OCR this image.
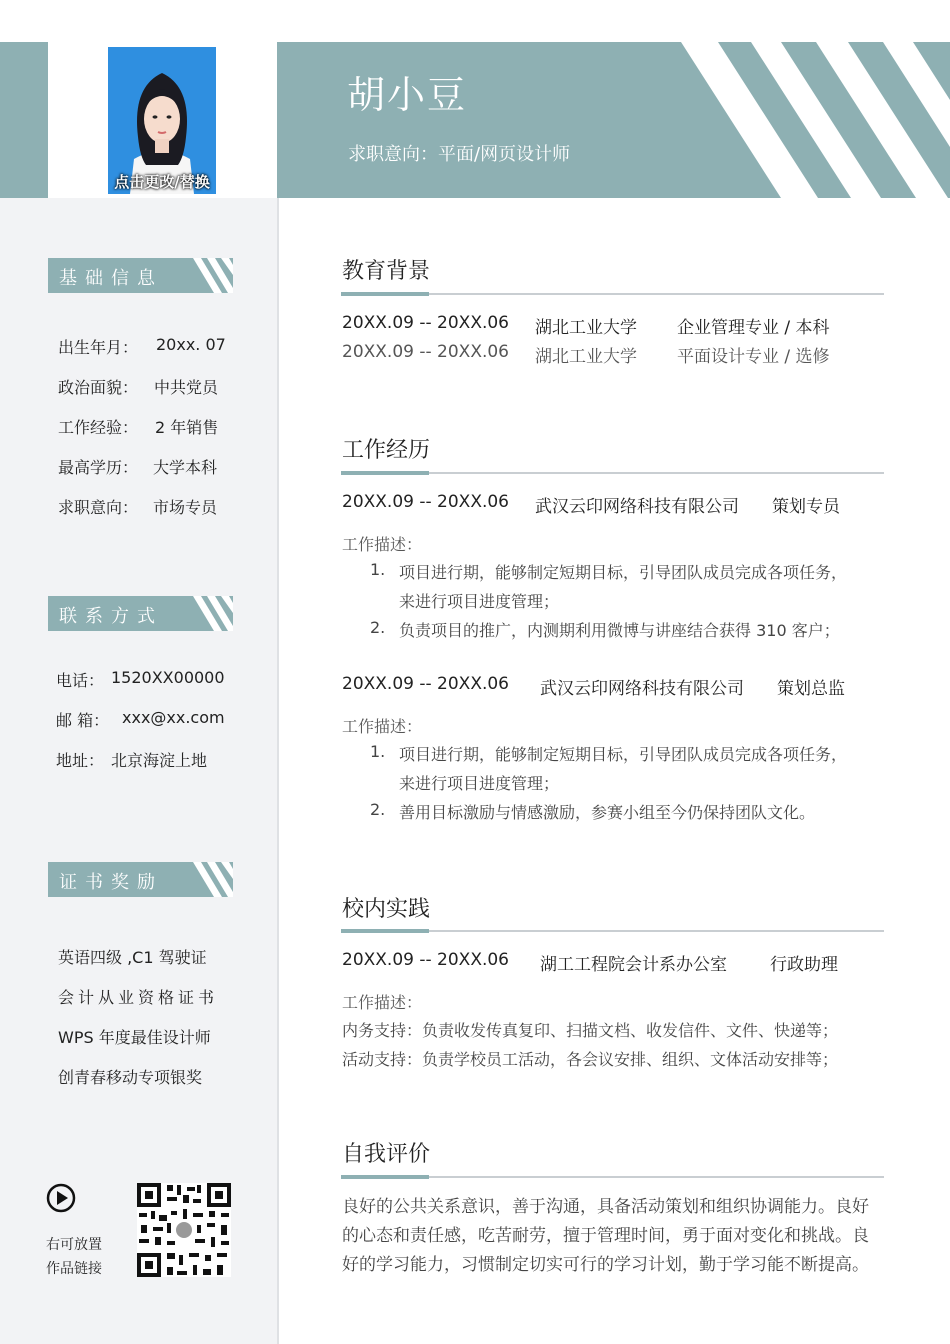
胡小豆
求职意向：平面/网页设计师
点击更改/替换
基础信息
出生年月： 20xx. 07
政治面貌： 中共党员
工作经验： 2 年销售
最高学历： 大学本科
求职意向： 市场专员
联系方式
电话： 1520XX00000
邮 箱： xxx@xx.com
地址： 北京海淀上地
证书奖励
英语四级 ,C1 驾驶证
会计从业资格证书
WPS 年度最佳设计师
创青春移动专项银奖
右可放置
作品链接
教育背景
20XX.09 -- 20XX.06 湖北工业大学 企业管理专业 / 本科
20XX.09 -- 20XX.06 湖北工业大学 平面设计专业 / 选修
工作经历
20XX.09 -- 20XX.06 武汉云印网络科技有限公司 策划专员
工作描述：
1. 项目进行期，能够制定短期目标，引导团队成员完成各项任务，
来进行项目进度管理；
2. 负责项目的推广，内测期利用微博与讲座结合获得 310 客户；
20XX.09 -- 20XX.06 武汉云印网络科技有限公司 策划总监
工作描述：
1. 项目进行期，能够制定短期目标，引导团队成员完成各项任务，
来进行项目进度管理；
2. 善用目标激励与情感激励，参赛小组至今仍保持团队文化。
校内实践
20XX.09 -- 20XX.06 湖工工程院会计系办公室	行政助理
工作描述：
内务支持：负责收发传真复印、扫描文档、收发信件、文件、快递等；
活动支持：负责学校员工活动，各会议安排、组织、文体活动安排等；
自我评价
良好的公共关系意识，善于沟通，具备活动策划和组织协调能力。良好
的心态和责任感，吃苦耐劳，擅于管理时间，勇于面对变化和挑战。良
好的学习能力，习惯制定切实可行的学习计划，勤于学习能不断提高。
